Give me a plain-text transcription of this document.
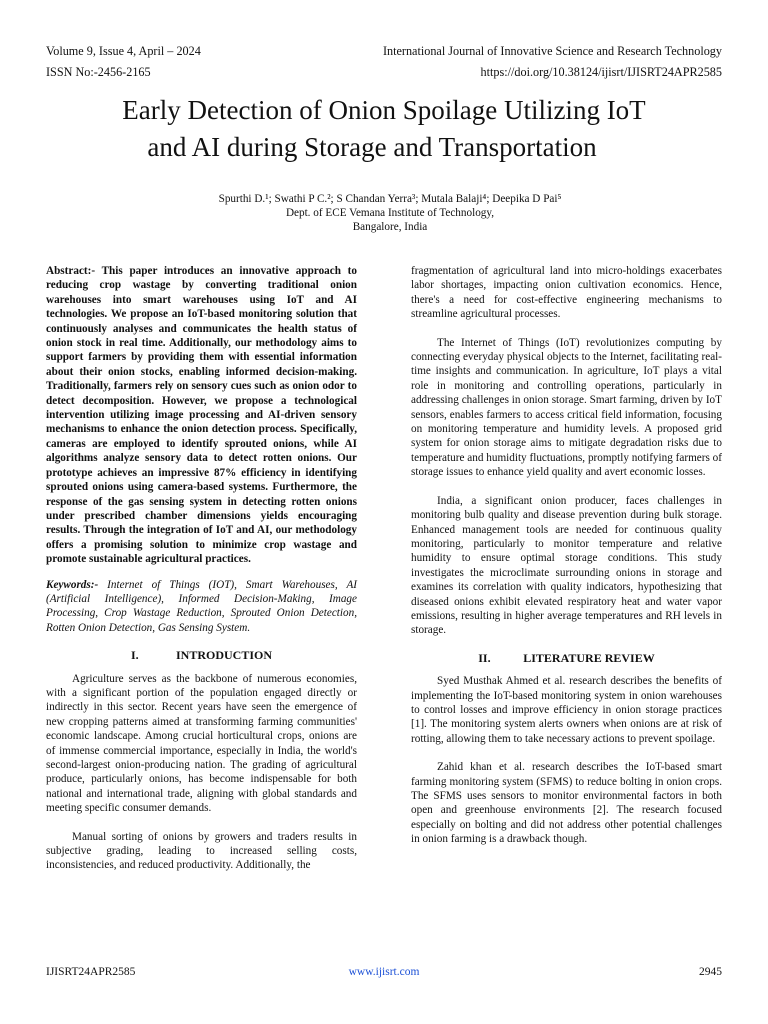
Volume 9, Issue 4, April – 2024	International Journal of Innovative Science and Research Technology
ISSN No:-2456-2165	https://doi.org/10.38124/ijisrt/IJISRT24APR2585
Early Detection of Onion Spoilage Utilizing IoT
and AI during Storage and Transportation
Spurthi D.¹; Swathi P C.²; S Chandan Yerra³; Mutala Balaji⁴; Deepika D Pai⁵
Dept. of ECE Vemana Institute of Technology,
Bangalore, India

Abstract:- This paper introduces an innovative approach to reducing crop wastage by converting traditional onion warehouses into smart warehouses using IoT and AI technologies. We propose an IoT-based monitoring solution that continuously analyses and communicates the health status of onion stock in real time. Additionally, our methodology aims to support farmers by providing them with essential information about their onion stocks, enabling informed decision-making. Traditionally, farmers rely on sensory cues such as onion odor to detect decomposition. However, we propose a technological intervention utilizing image processing and AI-driven sensory mechanisms to enhance the onion detection process. Specifically, cameras are employed to identify sprouted onions, while AI algorithms analyze sensory data to detect rotten onions. Our prototype achieves an impressive 87% efficiency in identifying sprouted onions using camera-based systems. Furthermore, the response of the gas sensing system in detecting rotten onions under prescribed chamber dimensions yields encouraging results. Through the integration of IoT and AI, our methodology offers a promising solution to minimize crop wastage and promote sustainable agricultural practices.

Keywords:- Internet of Things (IOT), Smart Warehouses, AI (Artificial Intelligence), Informed Decision-Making, Image Processing, Crop Wastage Reduction, Sprouted Onion Detection, Rotten Onion Detection, Gas Sensing System.

I.	INTRODUCTION

Agriculture serves as the backbone of numerous economies, with a significant portion of the population engaged directly or indirectly in this sector. Recent years have seen the emergence of new cropping patterns aimed at transforming farming communities' economic landscape. Among crucial horticultural crops, onions are of immense commercial importance, especially in India, the world's second-largest onion-producing nation. The grading of agricultural produce, particularly onions, has become indispensable for both national and international trade, aligning with global standards and meeting specific consumer demands.

Manual sorting of onions by growers and traders results in subjective grading, leading to increased selling costs, inconsistencies, and reduced productivity. Additionally, the

fragmentation of agricultural land into micro-holdings exacerbates labor shortages, impacting onion cultivation economics. Hence, there's a need for cost-effective engineering mechanisms to streamline agricultural processes.

The Internet of Things (IoT) revolutionizes computing by connecting everyday physical objects to the Internet, facilitating real-time insights and communication. In agriculture, IoT plays a vital role in monitoring and controlling operations, particularly in addressing challenges in onion storage. Smart farming, driven by IoT sensors, enables farmers to access critical field information, focusing on monitoring temperature and humidity levels. A proposed grid system for onion storage aims to mitigate degradation risks due to temperature and humidity fluctuations, promptly notifying farmers of storage issues to enhance yield quality and avert economic losses.

India, a significant onion producer, faces challenges in monitoring bulb quality and disease prevention during bulk storage. Enhanced management tools are needed for continuous quality monitoring, particularly to monitor temperature and relative humidity to ensure optimal storage conditions. This study investigates the microclimate surrounding onions in storage and examines its correlation with quality indicators, hypothesizing that diseased onions exhibit elevated respiratory heat and water vapor emissions, resulting in higher average temperatures and RH levels in storage.

II.	LITERATURE REVIEW

Syed Musthak Ahmed et al. research describes the benefits of implementing the IoT-based monitoring system in onion warehouses to control losses and improve efficiency in onion storage practices [1]. The monitoring system alerts owners when onions are at risk of rotting, allowing them to take necessary actions to prevent spoilage.

Zahid khan et al. research describes the IoT-based smart farming monitoring system (SFMS) to reduce bolting in onion crops. The SFMS uses sensors to monitor environmental factors in both open and greenhouse environments [2]. The research focused especially on bolting and did not address other potential challenges in onion farming is a drawback though.

IJISRT24APR2585	www.ijisrt.com	2945
